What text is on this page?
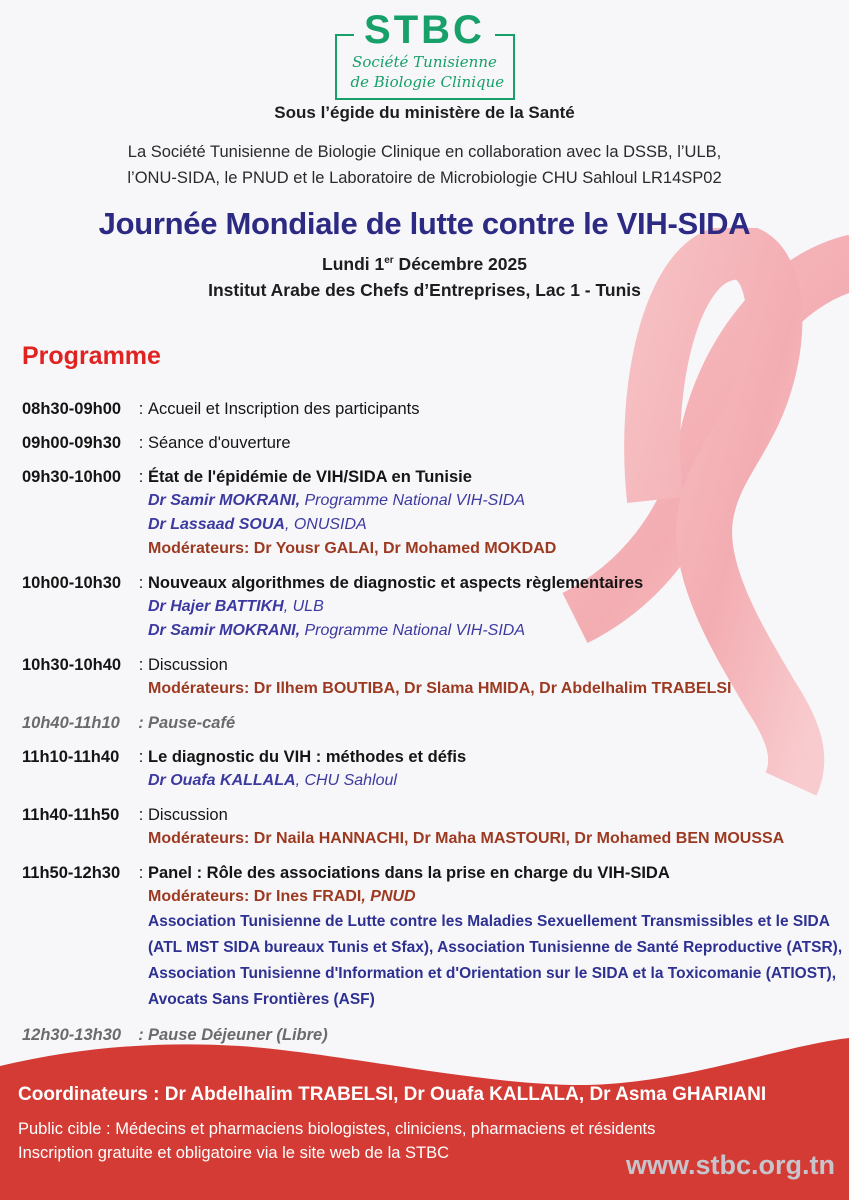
STBC
Société Tunisienne
de Biologie Clinique
Sous l’égide du ministère de la Santé
La Société Tunisienne de Biologie Clinique en collaboration avec la DSSB, l’ULB,
l’ONU-SIDA, le PNUD et le Laboratoire de Microbiologie CHU Sahloul LR14SP02
Journée Mondiale de lutte contre le VIH-SIDA
Lundi 1er Décembre 2025
Institut Arabe des Chefs d’Entreprises, Lac 1 - Tunis
Programme
08h30-09h00	: Accueil et Inscription des participants
09h00-09h30	: Séance d'ouverture
09h30-10h00	: État de l'épidémie de VIH/SIDA en Tunisie
Dr Samir MOKRANI, Programme National VIH-SIDA
Dr Lassaad SOUA, ONUSIDA
Modérateurs: Dr Yousr GALAI, Dr Mohamed MOKDAD
10h00-10h30	: Nouveaux algorithmes de diagnostic et aspects règlementaires
Dr Hajer BATTIKH, ULB
Dr Samir MOKRANI, Programme National VIH-SIDA
10h30-10h40	: Discussion
Modérateurs: Dr Ilhem BOUTIBA, Dr Slama HMIDA, Dr Abdelhalim TRABELSI
10h40-11h10	: Pause-café
11h10-11h40	: Le diagnostic du VIH : méthodes et défis
Dr Ouafa KALLALA, CHU Sahloul
11h40-11h50	: Discussion
Modérateurs: Dr Naila HANNACHI, Dr Maha MASTOURI, Dr Mohamed BEN MOUSSA
11h50-12h30	: Panel : Rôle des associations dans la prise en charge du VIH-SIDA
Modérateurs: Dr Ines FRADI, PNUD
Association Tunisienne de Lutte contre les Maladies Sexuellement Transmissibles et le SIDA
(ATL MST SIDA bureaux Tunis et Sfax), Association Tunisienne de Santé Reproductive (ATSR),
Association Tunisienne d'Information et d'Orientation sur le SIDA et la Toxicomanie (ATIOST),
Avocats Sans Frontières (ASF)
12h30-13h30	: Pause Déjeuner (Libre)
Coordinateurs : Dr Abdelhalim TRABELSI, Dr Ouafa KALLALA, Dr Asma GHARIANI
Public cible : Médecins et pharmaciens biologistes, cliniciens, pharmaciens et résidents
Inscription gratuite et obligatoire via le site web de la STBC	www.stbc.org.tn
